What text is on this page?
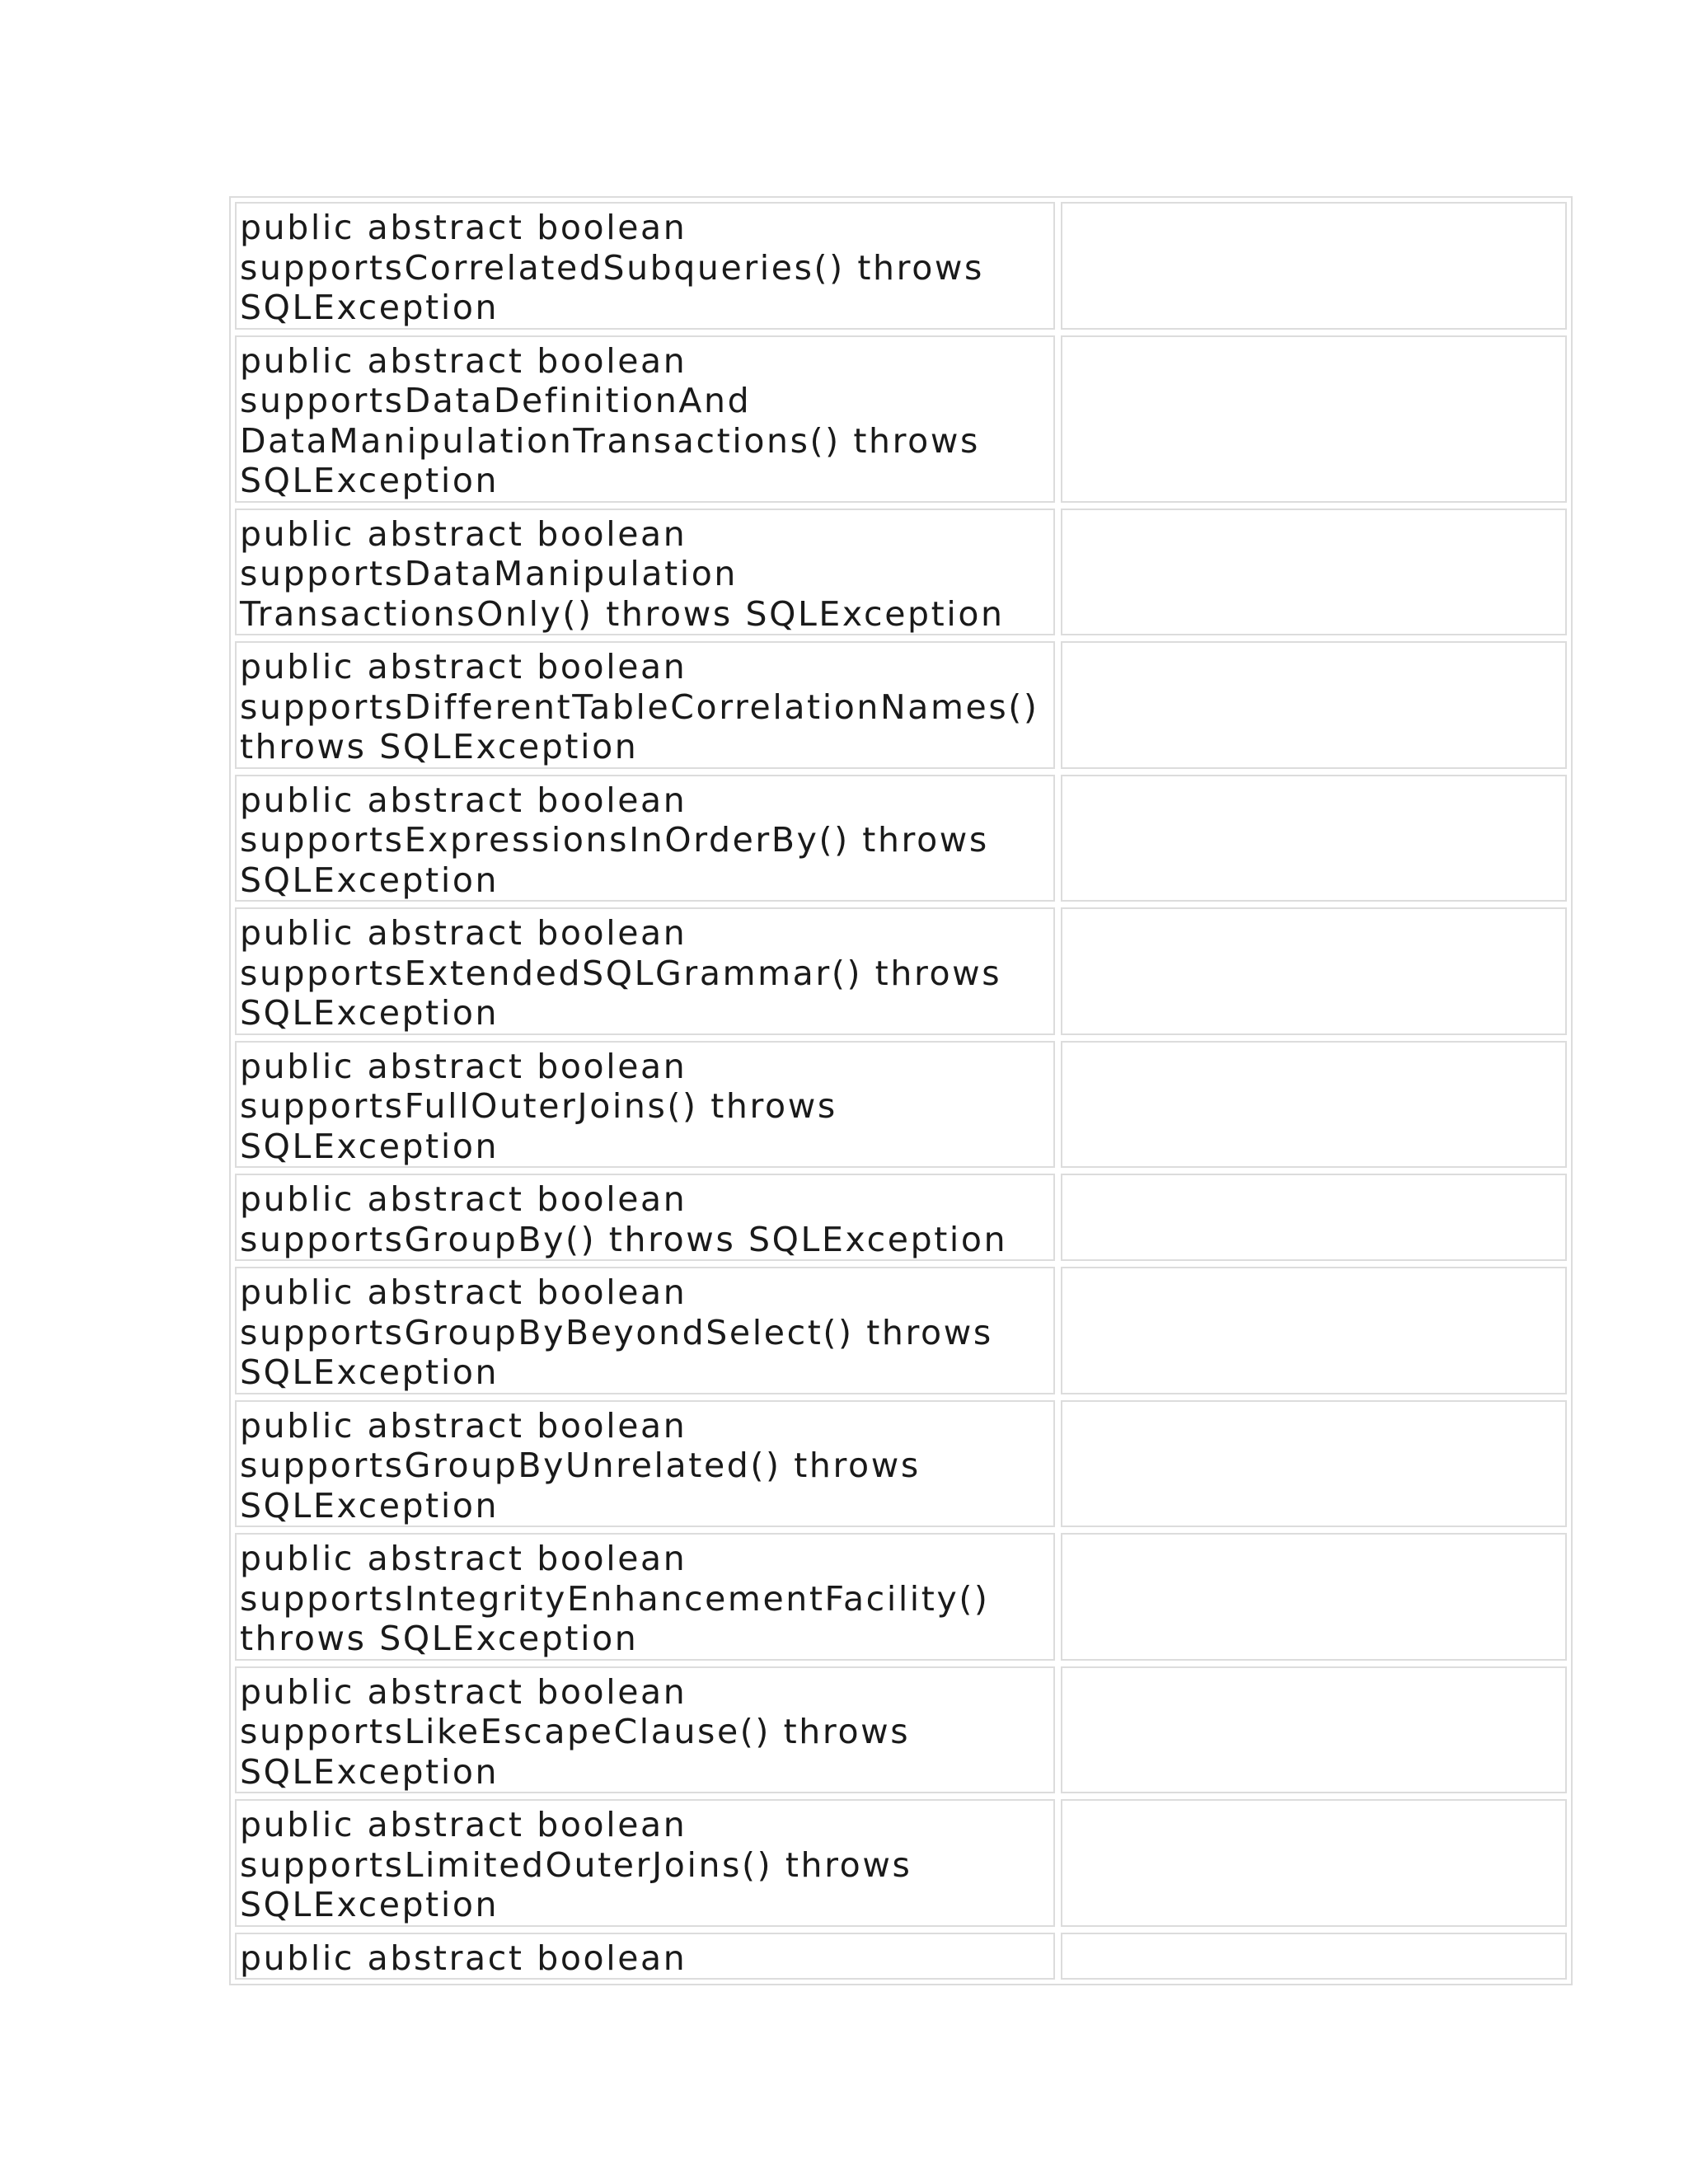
public abstract boolean
supportsCorrelatedSubqueries() throws
SQLException		
public abstract boolean
supportsDataDefinitionAnd
DataManipulationTransactions() throws
SQLException		
public abstract boolean
supportsDataManipulation
TransactionsOnly() throws SQLException		
public abstract boolean
supportsDifferentTableCorrelationNames()
throws SQLException		
public abstract boolean
supportsExpressionsInOrderBy() throws
SQLException		
public abstract boolean
supportsExtendedSQLGrammar() throws
SQLException		
public abstract boolean
supportsFullOuterJoins() throws
SQLException		
public abstract boolean
supportsGroupBy() throws SQLException		
public abstract boolean
supportsGroupByBeyondSelect() throws
SQLException		
public abstract boolean
supportsGroupByUnrelated() throws
SQLException		
public abstract boolean
supportsIntegrityEnhancementFacility()
throws SQLException		
public abstract boolean
supportsLikeEscapeClause() throws
SQLException		
public abstract boolean
supportsLimitedOuterJoins() throws
SQLException		
public abstract boolean		
